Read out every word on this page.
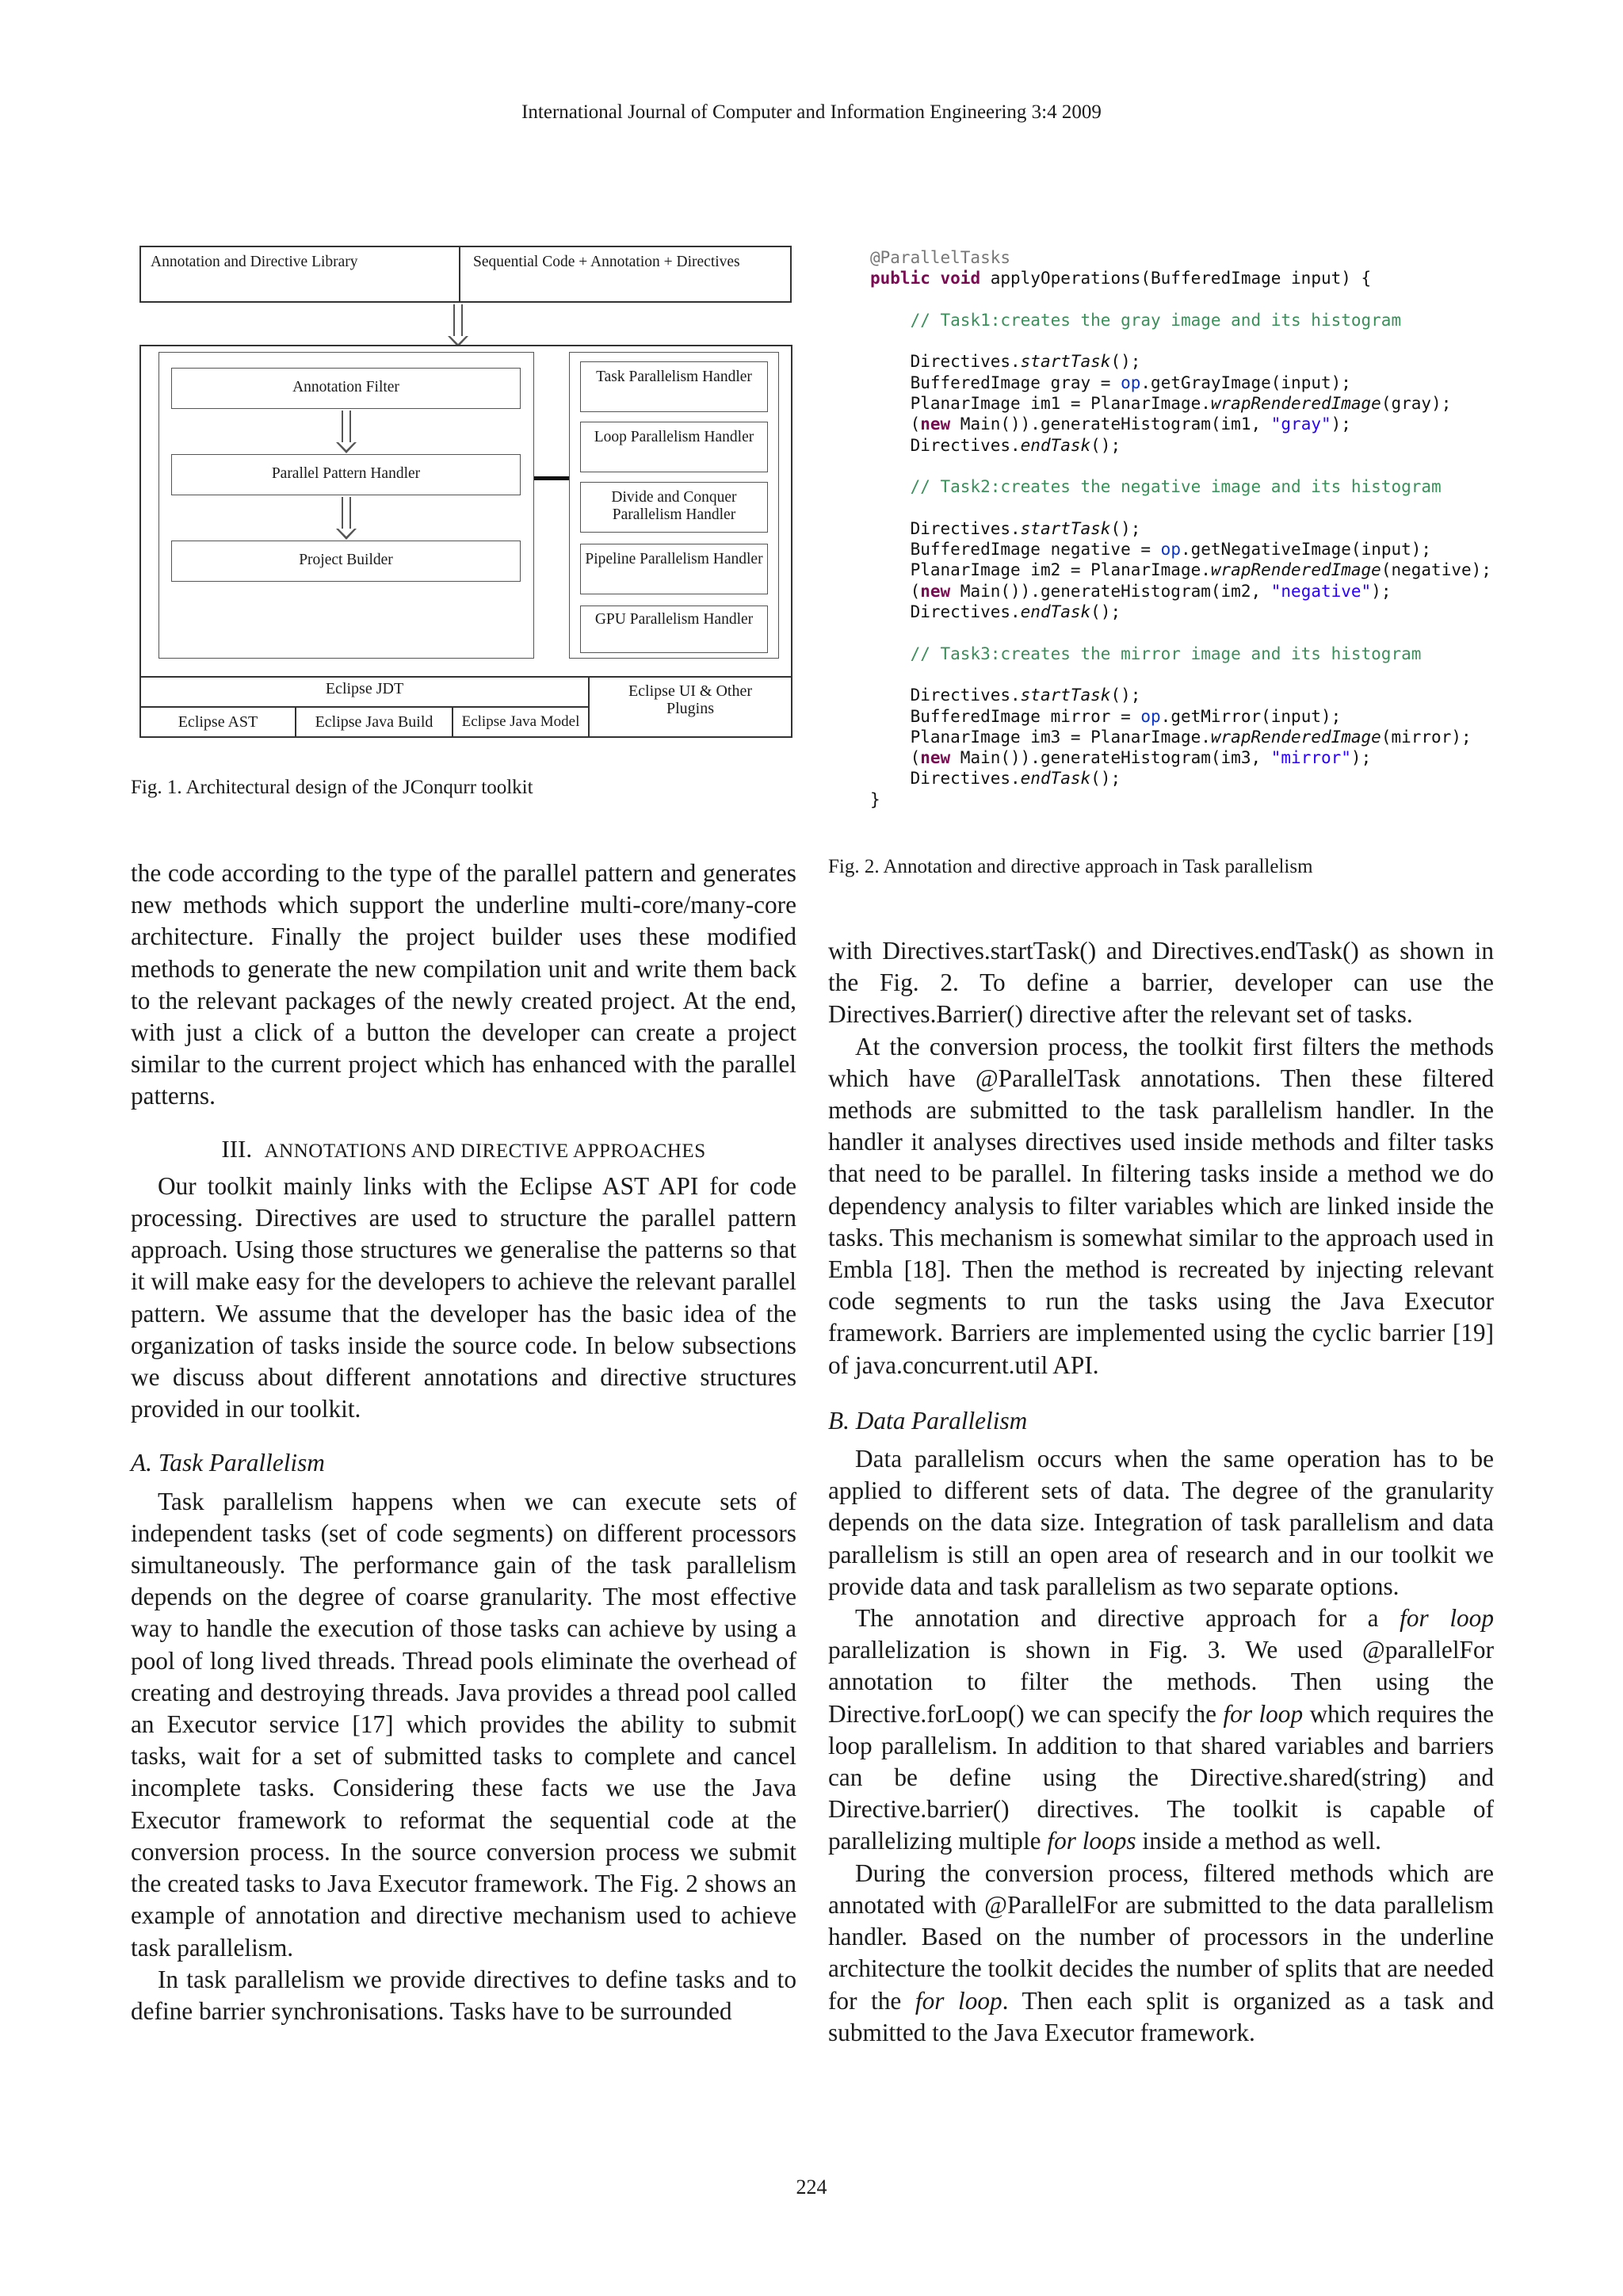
International Journal of Computer and Information Engineering 3:4 2009
Annotation and Directive Library	Sequential Code + Annotation + Directives
Annotation Filter
Parallel Pattern Handler
Project Builder
Task Parallelism Handler
Loop Parallelism Handler
Divide and Conquer Parallelism Handler
Pipeline Parallelism Handler
GPU Parallelism Handler
Eclipse JDT
Eclipse AST	Eclipse Java Build	Eclipse Java Model
Eclipse UI & Other Plugins
Fig. 1. Architectural design of the JConqurr toolkit
@ParallelTasks
public void applyOperations(BufferedImage input) {

// Task1:creates the gray image and its histogram

Directives.startTask();
BufferedImage gray = op.getGrayImage(input);
PlanarImage im1 = PlanarImage.wrapRenderedImage(gray);
(new Main()).generateHistogram(im1, "gray");
Directives.endTask();

// Task2:creates the negative image and its histogram

Directives.startTask();
BufferedImage negative = op.getNegativeImage(input);
PlanarImage im2 = PlanarImage.wrapRenderedImage(negative);
(new Main()).generateHistogram(im2, "negative");
Directives.endTask();

// Task3:creates the mirror image and its histogram

Directives.startTask();
BufferedImage mirror = op.getMirror(input);
PlanarImage im3 = PlanarImage.wrapRenderedImage(mirror);
(new Main()).generateHistogram(im3, "mirror");
Directives.endTask();
}
Fig. 2. Annotation and directive approach in Task parallelism

the code according to the type of the parallel pattern and generates new methods which support the underline multi-core/many-core architecture. Finally the project builder uses these modified methods to generate the new compilation unit and write them back to the relevant packages of the newly created project. At the end, with just a click of a button the developer can create a project similar to the current project which has enhanced with the parallel patterns.

III. ANNOTATIONS AND DIRECTIVE APPROACHES

Our toolkit mainly links with the Eclipse AST API for code processing. Directives are used to structure the parallel pattern approach. Using those structures we generalise the patterns so that it will make easy for the developers to achieve the relevant parallel pattern. We assume that the developer has the basic idea of the organization of tasks inside the source code. In below subsections we discuss about different annotations and directive structures provided in our toolkit.

A. Task Parallelism

Task parallelism happens when we can execute sets of independent tasks (set of code segments) on different processors simultaneously. The performance gain of the task parallelism depends on the degree of coarse granularity. The most effective way to handle the execution of those tasks can achieve by using a pool of long lived threads. Thread pools eliminate the overhead of creating and destroying threads. Java provides a thread pool called an Executor service [17] which provides the ability to submit tasks, wait for a set of submitted tasks to complete and cancel incomplete tasks. Considering these facts we use the Java Executor framework to reformat the sequential code at the conversion process. In the source conversion process we submit the created tasks to Java Executor framework. The Fig. 2 shows an example of annotation and directive mechanism used to achieve task parallelism.

In task parallelism we provide directives to define tasks and to define barrier synchronisations. Tasks have to be surrounded

with Directives.startTask() and Directives.endTask() as shown in the Fig. 2. To define a barrier, developer can use the Directives.Barrier() directive after the relevant set of tasks.

At the conversion process, the toolkit first filters the methods which have @ParallelTask annotations. Then these filtered methods are submitted to the task parallelism handler. In the handler it analyses directives used inside methods and filter tasks that need to be parallel. In filtering tasks inside a method we do dependency analysis to filter variables which are linked inside the tasks. This mechanism is somewhat similar to the approach used in Embla [18]. Then the method is recreated by injecting relevant code segments to run the tasks using the Java Executor framework. Barriers are implemented using the cyclic barrier [19] of java.concurrent.util API.

B. Data Parallelism

Data parallelism occurs when the same operation has to be applied to different sets of data. The degree of the granularity depends on the data size. Integration of task parallelism and data parallelism is still an open area of research and in our toolkit we provide data and task parallelism as two separate options.

The annotation and directive approach for a for loop parallelization is shown in Fig. 3. We used @parallelFor annotation to filter the methods. Then using the Directive.forLoop() we can specify the for loop which requires the loop parallelism. In addition to that shared variables and barriers can be define using the Directive.shared(string) and Directive.barrier() directives. The toolkit is capable of parallelizing multiple for loops inside a method as well.

During the conversion process, filtered methods which are annotated with @ParallelFor are submitted to the data parallelism handler. Based on the number of processors in the underline architecture the toolkit decides the number of splits that are needed for the for loop. Then each split is organized as a task and submitted to the Java Executor framework.

224
